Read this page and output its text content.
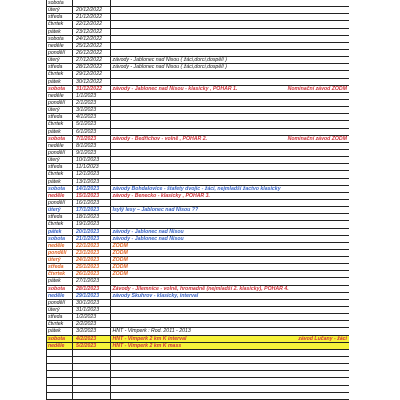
sobota
úterý	20/12/2022
středa	21/12/2022
čtvrtek	22/12/2022
pátek	23/12/2022
sobota	24/12/2022
neděle	25/12/2022
pondělí	26/12/2022
úterý	27/12/2022	závody - Jablonec nad Nisou ( žáci,dorci,dospělí )
středa	28/12/2022	závody - Jablonec nad Nisou ( žáci,dorci,dospělí )
čtvrtek	29/12/2022
pátek	30/12/2022
sobota	31/12/2022	závody - Jablonec nad Nisou - klasicky , POHÁR 1.	Nominační závod ZODM
neděle	1/1/2023
pondělí	2/1/2023
úterý	3/1/2023
středa	4/1/2023
čtvrtek	5/1/2023
pátek	6/1/2023
sobota	7/1/2023	závody - Bedřichov - volně , POHÁR 2.	Nominační závod ZODM
neděle	8/1/2023
pondělí	9/1/2023
úterý	10/1/2023
středa	11/1/2023
čtvrtek	12/1/2023
pátek	13/1/2023
sobota	14/1/2023	závody Bohdalovice - štafety dvojic - žáci, nejmladší žactvo klasicky
neděle	15/1/2023	závody - Benecko - klasicky , POHÁR 3.
pondělí	16/1/2023
úterý	17/1/2023	Isylý lesy – Jablonec nad Nisou ??
středa	18/1/2023
čtvrtek	19/1/2023
pátek	20/1/2023	závody - Jablonec nad Nisou
sobota	21/1/2023	závody - Jablonec nad Nisou
neděle	22/1/2023	ZODM
pondělí	23/1/2023	ZODM
úterý	24/1/2023	ZODM
středa	25/1/2023	ZODM
čtvrtek	26/1/2023	ZODM
pátek	27/1/2023
sobota	28/1/2023	Závody - Jilemnice - volně, hromadně (nejmladší 2. klasicky), POHÁR 4.
neděle	29/1/2023	závody Skuhrov - klasicky, interval
pondělí	30/1/2023
úterý	31/1/2023
středa	1/2/2023
čtvrtek	2/2/2023
pátek	3/2/2023	HNT - Vimperk : Rod. 2011 - 2013
sobota	4/2/2023	HNT - Vimperk 2 km K interval	závod Lučany - žáci
neděle	5/2/2023	HNT - Vimperk 2 km K mass
